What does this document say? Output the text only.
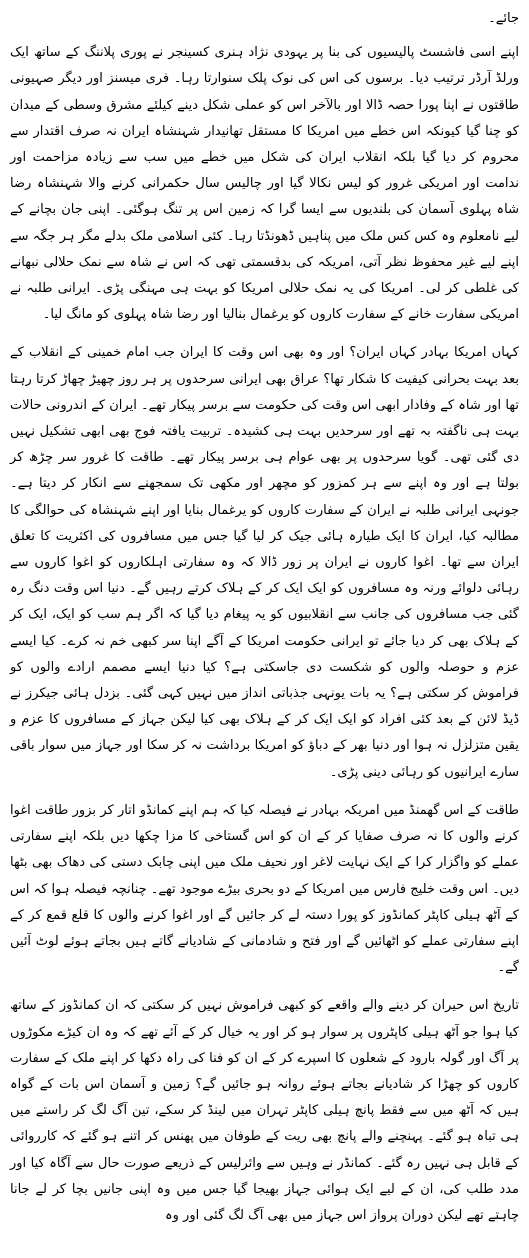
جائے۔

اپنے اسی فاشسٹ پالیسیوں کی بنا پر یہودی نژاد ہنری کسینجر نے پوری پلاننگ کے ساتھ ایک ورلڈ آرڈر ترتیب دیا۔ برسوں کی اس کی نوک پلک سنوارتا رہا۔ فری میسنز اور دیگر صہیونی طاقتوں نے اپنا پورا حصہ ڈالا اور بالآخر اس کو عملی شکل دینے کیلئے مشرق وسطی کے میدان کو چنا گیا کیونکہ اس خطے میں امریکا کا مستقل تھانیدار شہنشاہ ایران نہ صرف اقتدار سے محروم کر دیا گیا بلکہ انقلاب ایران کی شکل میں خطے میں سب سے زیادہ مزاحمت اور ندامت اور امریکی غرور کو لیس نکالا گیا اور چالیس سال حکمرانی کرنے والا شہنشاہ رضا شاہ پہلوی آسمان کی بلندیوں سے ایسا گرا کہ زمین اس پر تنگ ہوگئی۔ اپنی جان بچانے کے لیے نامعلوم وہ کس کس ملک میں پناہیں ڈھونڈتا رہا۔ کئی اسلامی ملک بدلے مگر ہر جگہ سے اپنے لیے غیر محفوظ نظر آتی، امریکہ کی بدقسمتی تھی کہ اس نے شاہ سے نمک حلالی نبھانے کی غلطی کر لی۔ امریکا کی یہ نمک حلالی امریکا کو بہت ہی مہنگی پڑی۔ ایرانی طلبہ نے امریکی سفارت خانے کے سفارت کاروں کو یرغمال بنالیا اور رضا شاہ پہلوی کو مانگ لیا۔

کہاں امریکا بہادر کہاں ایران؟ اور وہ بھی اس وقت کا ایران جب امام خمینی کے انقلاب کے بعد بہت بحرانی کیفیت کا شکار تھا؟ عراق بھی ایرانی سرحدوں پر ہر روز چھیڑ چھاڑ کرتا رہتا تھا اور شاہ کے وفادار ابھی اس وقت کی حکومت سے برسر پیکار تھے۔ ایران کے اندرونی حالات بہت ہی ناگفتہ بہ تھے اور سرحدیں بہت ہی کشیدہ۔ تربیت یافتہ فوج بھی ابھی تشکیل نہیں دی گئی تھی۔ گویا سرحدوں پر بھی عوام ہی برسر پیکار تھے۔ طاقت کا غرور سر چڑھ کر بولتا ہے اور وہ اپنے سے ہر کمزور کو مچھر اور مکھی تک سمجھنے سے انکار کر دیتا ہے۔ جونہی ایرانی طلبہ نے ایران کے سفارت کاروں کو یرغمال بنایا اور اپنے شہنشاہ کی حوالگی کا مطالبہ کیا، ایران کا ایک طیارہ ہائی جیک کر لیا گیا جس میں مسافروں کی اکثریت کا تعلق ایران سے تھا۔ اغوا کاروں نے ایران پر زور ڈالا کہ وہ سفارتی اہلکاروں کو اغوا کاروں سے رہائی دلوائے ورنہ وہ مسافروں کو ایک ایک کر کے ہلاک کرتے رہیں گے۔ دنیا اس وقت دنگ رہ گئی جب مسافروں کی جانب سے انقلابیوں کو یہ پیغام دیا گیا کہ اگر ہم سب کو ایک، ایک کر کے ہلاک بھی کر دیا جائے تو ایرانی حکومت امریکا کے آگے اپنا سر کبھی خم نہ کرے۔ کیا ایسے عزم و حوصلہ والوں کو شکست دی جاسکتی ہے؟ کیا دنیا ایسے مصمم ارادے والوں کو فراموش کر سکتی ہے؟ یہ بات یونہی جذباتی انداز میں نہیں کہی گئی۔ بزدل ہائی جیکرز نے ڈیڈ لائن کے بعد کئی افراد کو ایک ایک کر کے ہلاک بھی کیا لیکن جہاز کے مسافروں کا عزم و یقین متزلزل نہ ہوا اور دنیا بھر کے دباؤ کو امریکا برداشت نہ کر سکا اور جہاز میں سوار باقی سارے ایرانیوں کو رہائی دینی پڑی۔

طاقت کے اس گھمنڈ میں امریکہ بہادر نے فیصلہ کیا کہ ہم اپنے کمانڈو اتار کر بزور طاقت اغوا کرنے والوں کا نہ صرف صفایا کر کے ان کو اس گستاخی کا مزا چکھا دیں بلکہ اپنے سفارتی عملے کو واگزار کرا کے ایک نہایت لاغر اور نحیف ملک میں اپنی چابک دستی کی دھاک بھی بٹھا دیں۔ اس وقت خلیج فارس میں امریکا کے دو بحری بیڑے موجود تھے۔ چنانچہ فیصلہ ہوا کہ اس کے آٹھ ہیلی کاپٹر کمانڈوز کو پورا دستہ لے کر جائیں گے اور اغوا کرنے والوں کا قلع قمع کر کے اپنے سفارتی عملے کو اٹھائیں گے اور فتح و شادمانی کے شادیانے گاتے ہیں بجاتے ہوئے لوٹ آئیں گے۔

تاریخ اس حیران کر دینے والے واقعے کو کبھی فراموش نہیں کر سکتی کہ ان کمانڈوز کے ساتھ کیا ہوا جو آٹھ ہیلی کاپٹروں پر سوار ہو کر اور یہ خیال کر کے آئے تھے کہ وہ ان کیڑے مکوڑوں پر آگ اور گولہ بارود کے شعلوں کا اسپرے کر کے ان کو فنا کی راہ دکھا کر اپنے ملک کے سفارت کاروں کو چھڑا کر شادیانے بجاتے ہوئے روانہ ہو جائیں گے؟ زمین و آسمان اس بات کے گواہ ہیں کہ آٹھ میں سے فقط پانچ ہیلی کاپٹر تہران میں لینڈ کر سکے، تین آگ لگ کر راستے میں ہی تباہ ہو گئے۔ پہنچنے والے پانچ بھی ریت کے طوفان میں پھنس کر اتنے ہو گئے کہ کارروائی کے قابل ہی نہیں رہ گئے۔ کمانڈر نے وہیں سے وائرلیس کے ذریعے صورت حال سے آگاہ کیا اور مدد طلب کی، ان کے لیے ایک ہوائی جہاز بھیجا گیا جس میں وہ اپنی جانیں بچا کر لے جانا چاہتے تھے لیکن دوران پرواز اس جہاز میں بھی آگ لگ گئی اور وہ
